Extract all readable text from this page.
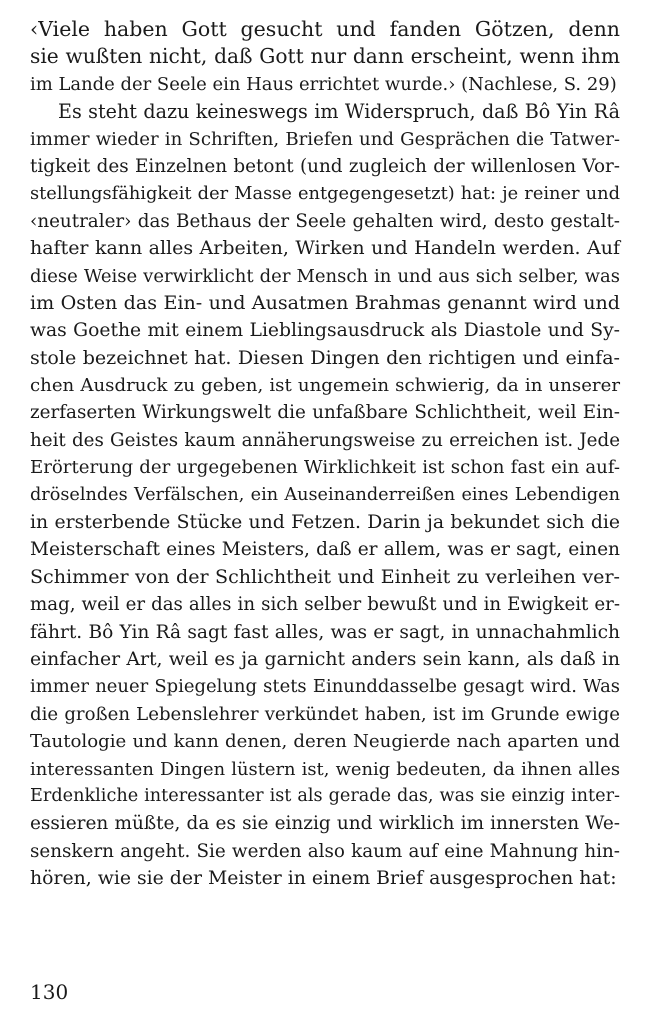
‹Viele haben Gott gesucht und fanden Götzen, denn
sie wußten nicht, daß Gott nur dann erscheint, wenn ihm
im Lande der Seele ein Haus errichtet wurde.› (Nachlese, S. 29)
Es steht dazu keineswegs im Widerspruch, daß Bô Yin Râ
immer wieder in Schriften, Briefen und Gesprächen die Tatwer-
tigkeit des Einzelnen betont (und zugleich der willenlosen Vor-
stellungsfähigkeit der Masse entgegengesetzt) hat: je reiner und
‹neutraler› das Bethaus der Seele gehalten wird, desto gestalt-
hafter kann alles Arbeiten, Wirken und Handeln werden. Auf
diese Weise verwirklicht der Mensch in und aus sich selber, was
im Osten das Ein- und Ausatmen Brahmas genannt wird und
was Goethe mit einem Lieblingsausdruck als Diastole und Sy-
stole bezeichnet hat. Diesen Dingen den richtigen und einfa-
chen Ausdruck zu geben, ist ungemein schwierig, da in unserer
zerfaserten Wirkungswelt die unfaßbare Schlichtheit, weil Ein-
heit des Geistes kaum annäherungsweise zu erreichen ist. Jede
Erörterung der urgegebenen Wirklichkeit ist schon fast ein auf-
dröselndes Verfälschen, ein Auseinanderreißen eines Lebendigen
in ersterbende Stücke und Fetzen. Darin ja bekundet sich die
Meisterschaft eines Meisters, daß er allem, was er sagt, einen
Schimmer von der Schlichtheit und Einheit zu verleihen ver-
mag, weil er das alles in sich selber bewußt und in Ewigkeit er-
fährt. Bô Yin Râ sagt fast alles, was er sagt, in unnachahmlich
einfacher Art, weil es ja garnicht anders sein kann, als daß in
immer neuer Spiegelung stets Einunddasselbe gesagt wird. Was
die großen Lebenslehrer verkündet haben, ist im Grunde ewige
Tautologie und kann denen, deren Neugierde nach aparten und
interessanten Dingen lüstern ist, wenig bedeuten, da ihnen alles
Erdenkliche interessanter ist als gerade das, was sie einzig inter-
essieren müßte, da es sie einzig und wirklich im innersten We-
senskern angeht. Sie werden also kaum auf eine Mahnung hin-
hören, wie sie der Meister in einem Brief ausgesprochen hat:
130
